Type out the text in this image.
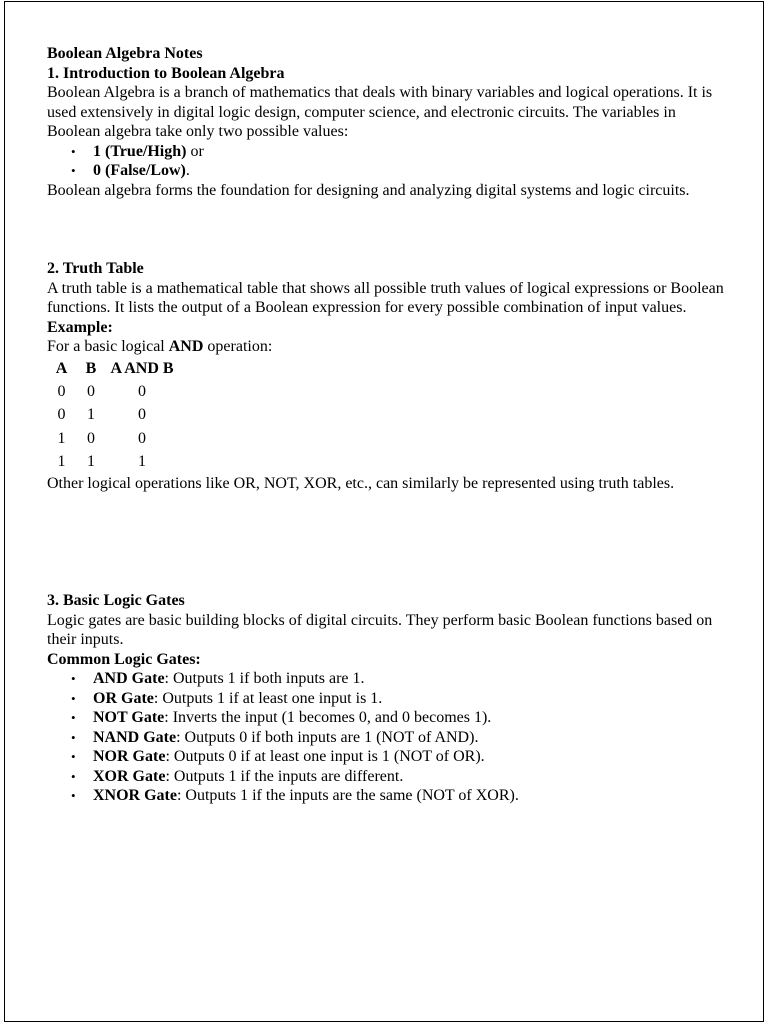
Boolean Algebra Notes

1. Introduction to Boolean Algebra

Boolean Algebra is a branch of mathematics that deals with binary variables and logical operations. It is used extensively in digital logic design, computer science, and electronic circuits. The variables in Boolean algebra take only two possible values:

• 1 (True/High) or
• 0 (False/Low).

Boolean algebra forms the foundation for designing and analyzing digital systems and logic circuits.

2. Truth Table

A truth table is a mathematical table that shows all possible truth values of logical expressions or Boolean functions. It lists the output of a Boolean expression for every possible combination of input values.

Example:

For a basic logical AND operation:

A	B	A AND B
0	0	0
0	1	0
1	0	0
1	1	1

Other logical operations like OR, NOT, XOR, etc., can similarly be represented using truth tables.

3. Basic Logic Gates

Logic gates are basic building blocks of digital circuits. They perform basic Boolean functions based on their inputs.

Common Logic Gates:

• AND Gate: Outputs 1 if both inputs are 1.
• OR Gate: Outputs 1 if at least one input is 1.
• NOT Gate: Inverts the input (1 becomes 0, and 0 becomes 1).
• NAND Gate: Outputs 0 if both inputs are 1 (NOT of AND).
• NOR Gate: Outputs 0 if at least one input is 1 (NOT of OR).
• XOR Gate: Outputs 1 if the inputs are different.
• XNOR Gate: Outputs 1 if the inputs are the same (NOT of XOR).
